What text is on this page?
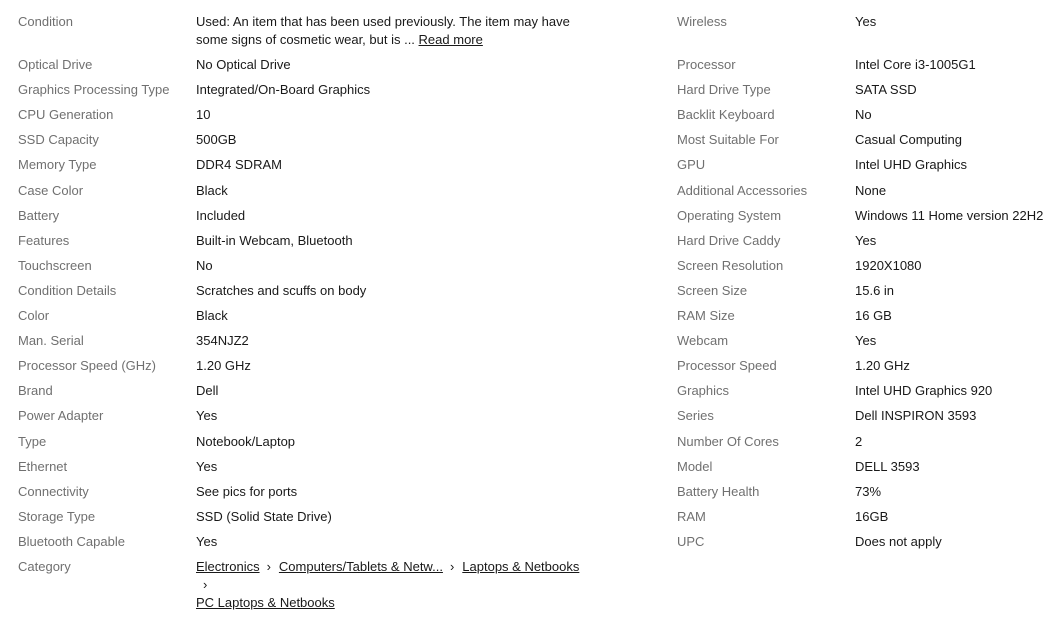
Condition	Used: An item that has been used previously. The item may have some signs of cosmetic wear, but is ... Read more
Optical Drive	No Optical Drive
Graphics Processing Type	Integrated/On-Board Graphics
CPU Generation	10
SSD Capacity	500GB
Memory Type	DDR4 SDRAM
Case Color	Black
Battery	Included
Features	Built-in Webcam, Bluetooth
Touchscreen	No
Condition Details	Scratches and scuffs on body
Color	Black
Man. Serial	354NJZ2
Processor Speed (GHz)	1.20 GHz
Brand	Dell
Power Adapter	Yes
Type	Notebook/Laptop
Ethernet	Yes
Connectivity	See pics for ports
Storage Type	SSD (Solid State Drive)
Bluetooth Capable	Yes
Category	Electronics › Computers/Tablets & Netw... › Laptops & Netbooks›
PC Laptops & Netbooks
Wireless	Yes
Processor	Intel Core i3-1005G1
Hard Drive Type	SATA SSD
Backlit Keyboard	No
Most Suitable For	Casual Computing
GPU	Intel UHD Graphics
Additional Accessories	None
Operating System	Windows 11 Home version 22H2
Hard Drive Caddy	Yes
Screen Resolution	1920X1080
Screen Size	15.6 in
RAM Size	16 GB
Webcam	Yes
Processor Speed	1.20 GHz
Graphics	Intel UHD Graphics 920
Series	Dell INSPIRON 3593
Number Of Cores	2
Model	DELL 3593
Battery Health	73%
RAM	16GB
UPC	Does not apply
